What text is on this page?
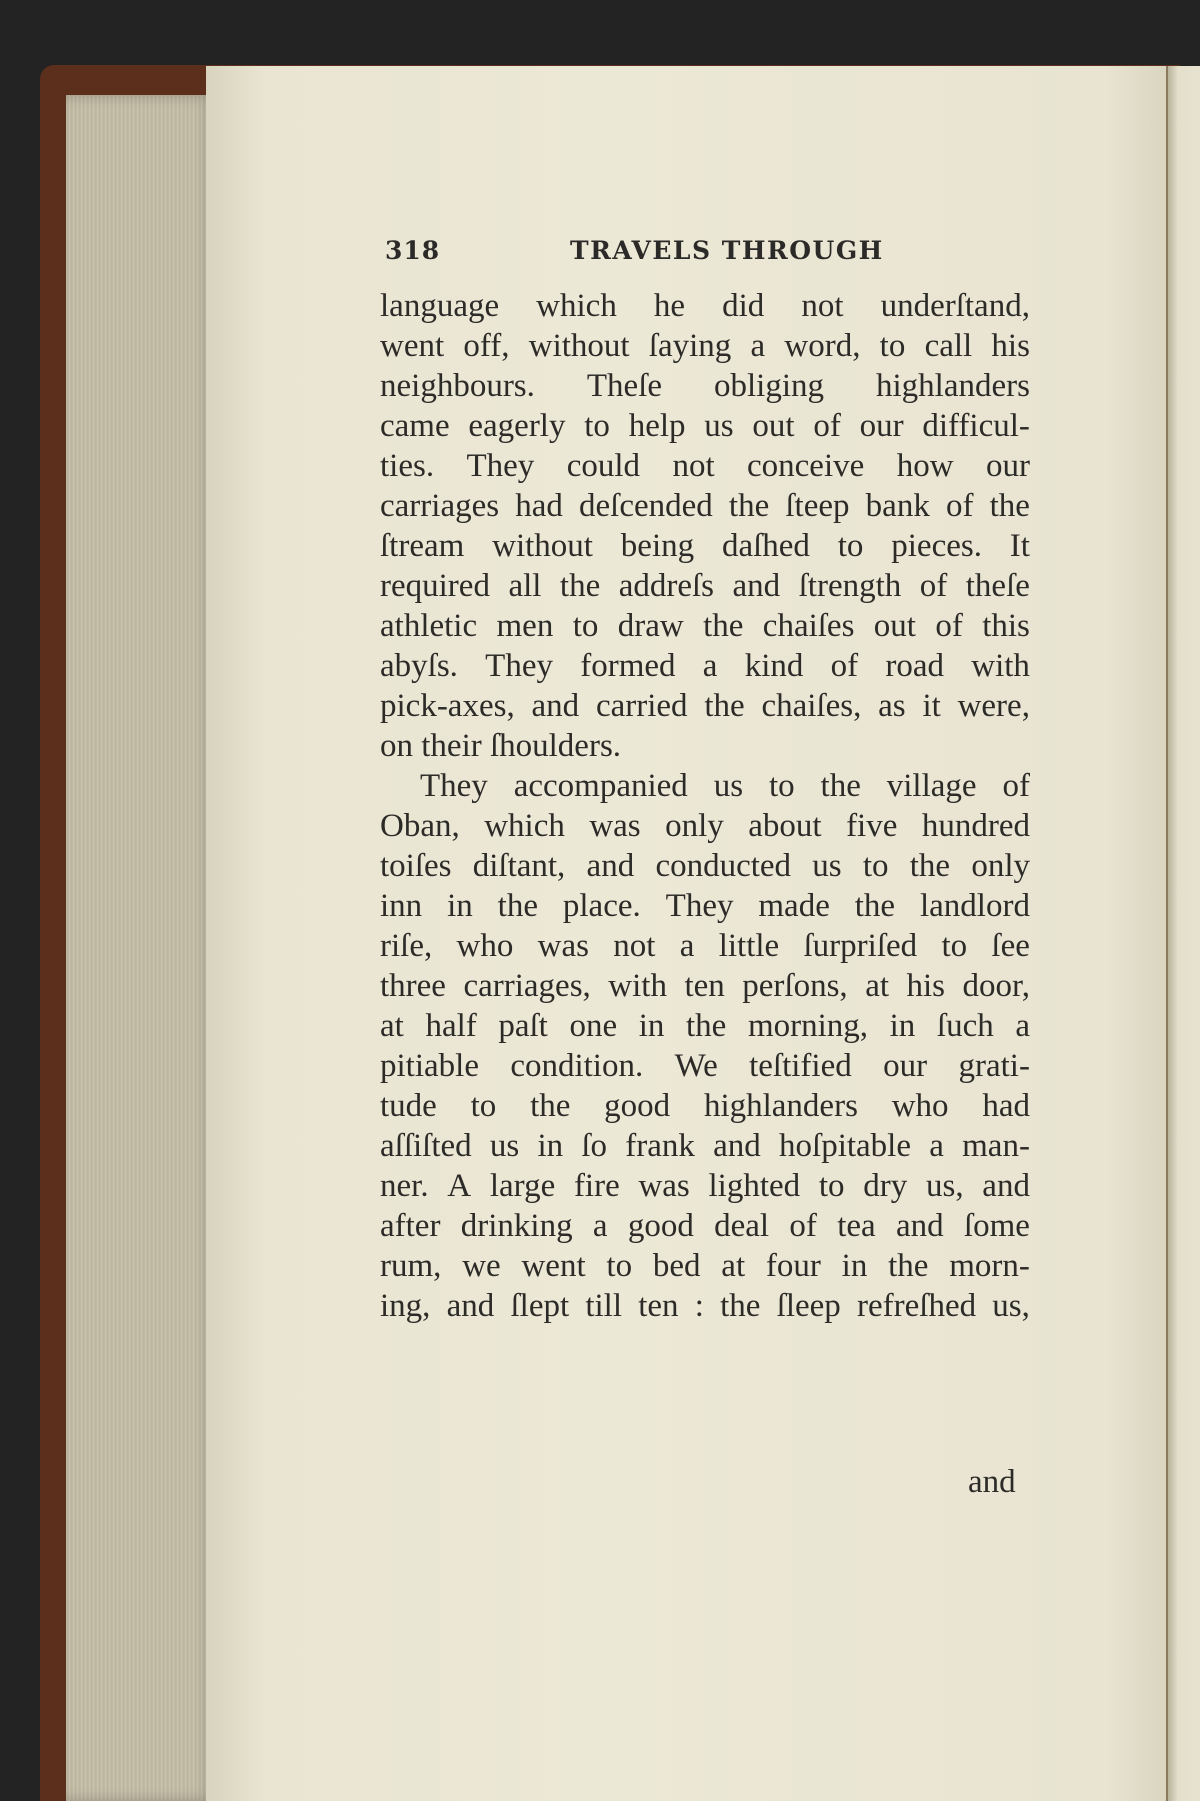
318	TRAVELS THROUGH
language which he did not underſtand,
went off, without ſaying a word, to call his
neighbours. Theſe obliging highlanders
came eagerly to help us out of our difficul-
ties. They could not conceive how our
carriages had deſcended the ſteep bank of the
ſtream without being daſhed to pieces. It
required all the addreſs and ſtrength of theſe
athletic men to draw the chaiſes out of this
abyſs. They formed a kind of road with
pick-axes, and carried the chaiſes, as it were,
on their ſhoulders.
They accompanied us to the village of
Oban, which was only about five hundred
toiſes diſtant, and conducted us to the only
inn in the place. They made the landlord
riſe, who was not a little ſurpriſed to ſee
three carriages, with ten perſons, at his door,
at half paſt one in the morning, in ſuch a
pitiable condition. We teſtified our grati-
tude to the good highlanders who had
aſſiſted us in ſo frank and hoſpitable a man-
ner. A large fire was lighted to dry us, and
after drinking a good deal of tea and ſome
rum, we went to bed at four in the morn-
ing, and ſlept till ten : the ſleep refreſhed us,
and
